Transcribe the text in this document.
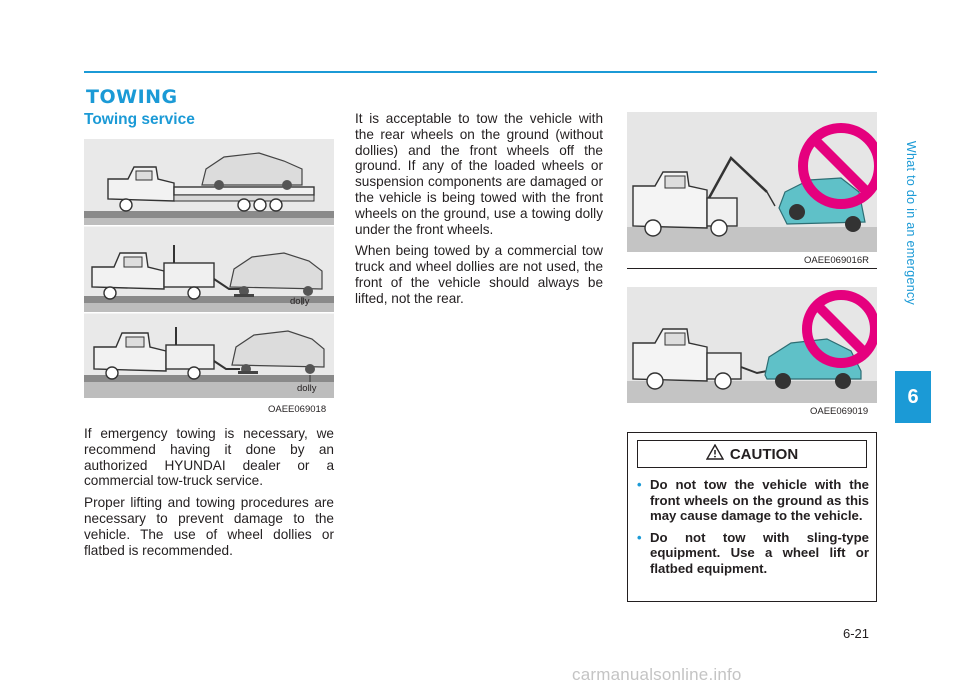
TOWING
Towing service
What to do in an emergency
6
dolly
dolly
OAEE069018
OAEE069016R
OAEE069019

If emergency towing is necessary, we recommend having it done by an authorized HYUNDAI dealer or a commercial tow-truck service.

Proper lifting and towing procedures are necessary to prevent damage to the vehicle. The use of wheel dollies or flatbed is recommended.

It is acceptable to tow the vehicle with the rear wheels on the ground (without dollies) and the front wheels off the ground. If any of the loaded wheels or suspension components are damaged or the vehicle is being towed with the front wheels on the ground, use a towing dolly under the front wheels.

When being towed by a commercial tow truck and wheel dollies are not used, the front of the vehicle should always be lifted, not the rear.

CAUTION
• Do not tow the vehicle with the front wheels on the ground as this may cause damage to the vehicle.
• Do not tow with sling-type equipment. Use a wheel lift or flatbed equipment.
6-21
carmanualsonline.info
